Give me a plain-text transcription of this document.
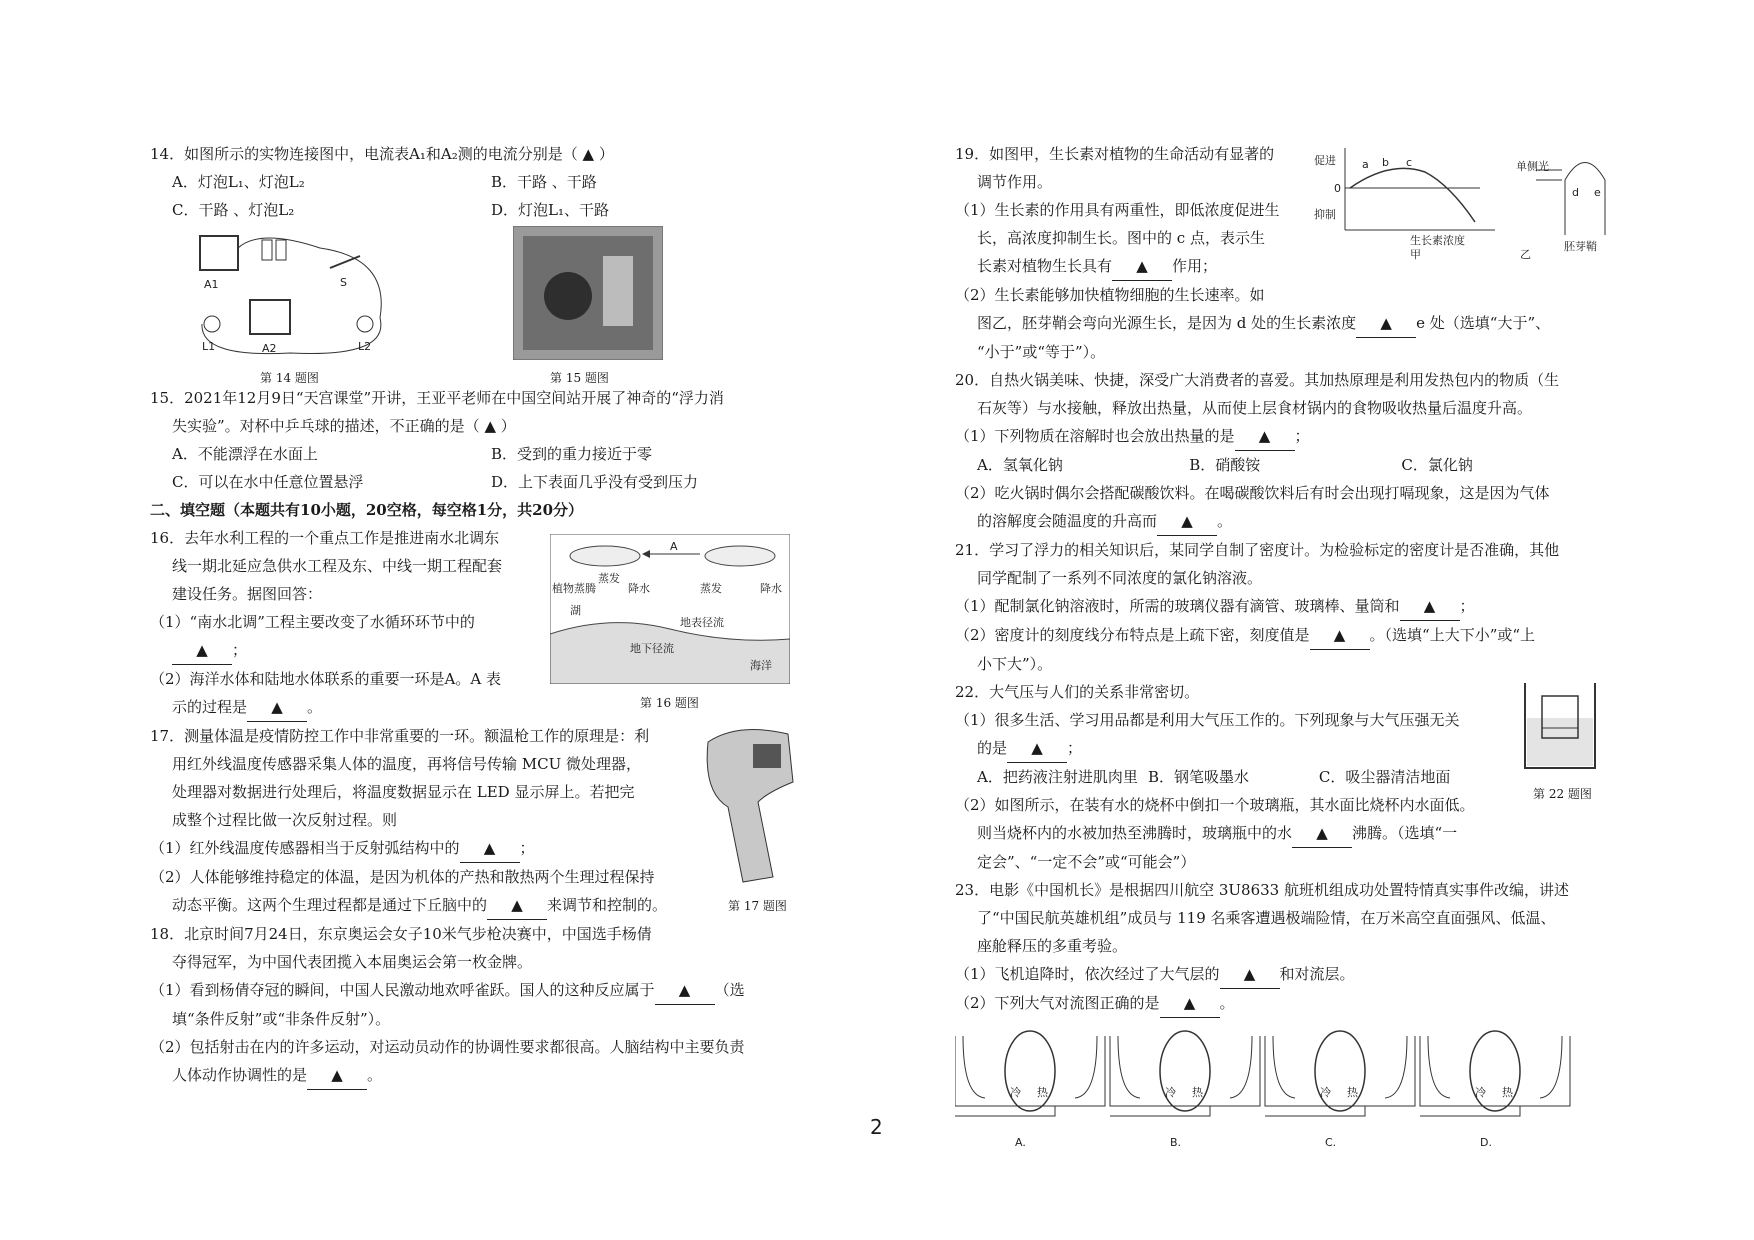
14．如图所示的实物连接图中，电流表A₁和A₂测的电流分别是（ ▲ ）

A．灯泡L₁、灯泡L₂	B．干路 、干路
C．干路 、灯泡L₂	D．灯泡L₁、干路
A1	S
L1	A2	L2
第 14 题图	第 15 题图

15．2021年12月9日“天宫课堂”开讲，王亚平老师在中国空间站开展了神奇的“浮力消

失实验”。对杯中乒乓球的描述，不正确的是（ ▲ ）

A．不能漂浮在水面上	B．受到的重力接近于零
C．可以在水中任意位置悬浮	D．上下表面几乎没有受到压力

二、填空题（本题共有10小题，20空格，每空格1分，共20分）

16．去年水利工程的一个重点工作是推进南水北调东

线一期北延应急供水工程及东、中线一期工程配套

建设任务。据图回答：

（1）“南水北调”工程主要改变了水循环环节中的

▲ ；

（2）海洋水体和陆地水体联系的重要一环是A。A 表

示的过程是 ▲ 。

A
植物蒸腾
蒸发
降水	蒸发	降水
湖
地表径流
地下径流
海洋
第 16 题图

17．测量体温是疫情防控工作中非常重要的一环。额温枪工作的原理是：利

用红外线温度传感器采集人体的温度，再将信号传输 MCU 微处理器，

处理器对数据进行处理后，将温度数据显示在 LED 显示屏上。若把完

成整个过程比做一次反射过程。则

（1）红外线温度传感器相当于反射弧结构中的 ▲ ；

（2）人体能够维持稳定的体温，是因为机体的产热和散热两个生理过程保持

动态平衡。这两个生理过程都是通过下丘脑中的 ▲ 来调节和控制的。	第 17 题图

18．北京时间7月24日，东京奥运会女子10米气步枪决赛中，中国选手杨倩

夺得冠军，为中国代表团揽入本届奥运会第一枚金牌。

（1）看到杨倩夺冠的瞬间，中国人民激动地欢呼雀跃。国人的这种反应属于 ▲ （选

填“条件反射”或“非条件反射”）。

（2）包括射击在内的许多运动，对运动员动作的协调性要求都很高。人脑结构中主要负责

人体动作协调性的是 ▲ 。

19．如图甲，生长素对植物的生命活动有显著的

调节作用。

（1）生长素的作用具有两重性，即低浓度促进生

长，高浓度抑制生长。图中的 c 点，表示生

长素对植物生长具有 ▲ 作用；

（2）生长素能够加快植物细胞的生长速率。如

促进
0
抑制
a b c
生长素浓度
甲
单侧光
d e
胚芽鞘
乙

图乙，胚芽鞘会弯向光源生长，是因为 d 处的生长素浓度 ▲ e 处（选填“大于”、

“小于”或“等于”）。

20．自热火锅美味、快捷，深受广大消费者的喜爱。其加热原理是利用发热包内的物质（生

石灰等）与水接触，释放出热量，从而使上层食材锅内的食物吸收热量后温度升高。

（1）下列物质在溶解时也会放出热量的是 ▲ ；

A．氢氧化钠	B．硝酸铵	C．氯化钠

（2）吃火锅时偶尔会搭配碳酸饮料。在喝碳酸饮料后有时会出现打嗝现象，这是因为气体

的溶解度会随温度的升高而 ▲ 。

21．学习了浮力的相关知识后，某同学自制了密度计。为检验标定的密度计是否准确，其他

同学配制了一系列不同浓度的氯化钠溶液。

（1）配制氯化钠溶液时，所需的玻璃仪器有滴管、玻璃棒、量筒和 ▲ ；

（2）密度计的刻度线分布特点是上疏下密，刻度值是 ▲ 。（选填“上大下小”或“上

小下大”）。

22．大气压与人们的关系非常密切。

（1）很多生活、学习用品都是利用大气压工作的。下列现象与大气压强无关

的是 ▲ ；

A．把药液注射进肌肉里 B．钢笔吸墨水	C．吸尘器清洁地面

（2）如图所示，在装有水的烧杯中倒扣一个玻璃瓶，其水面比烧杯内水面低。

则当烧杯内的水被加热至沸腾时，玻璃瓶中的水 ▲ 沸腾。（选填“一

定会”、“一定不会”或“可能会”）

第 22 题图

23．电影《中国机长》是根据四川航空 3U8633 航班机组成功处置特情真实事件改编，讲述

了“中国民航英雄机组”成员与 119 名乘客遭遇极端险情，在万米高空直面强风、低温、

座舱释压的多重考验。

（1）飞机追降时，依次经过了大气层的 ▲ 和对流层。

（2）下列大气对流图正确的是 ▲ 。

冷 热
A.
冷 热
B.
冷 热
C.
冷 热
D.
2
